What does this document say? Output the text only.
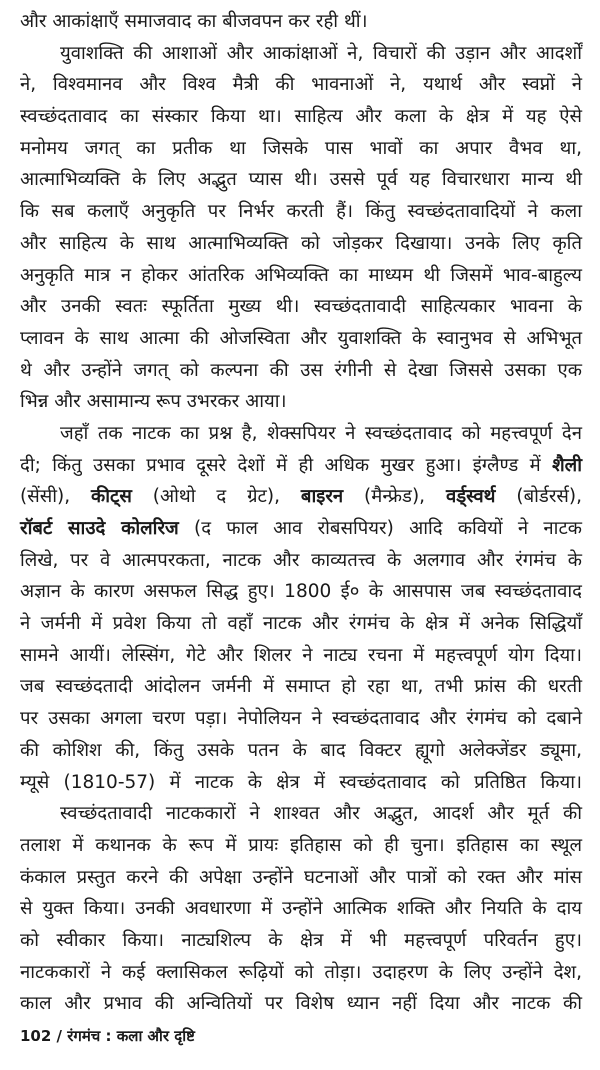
और आकांक्षाएँ समाजवाद का बीजवपन कर रही थीं।
युवाशक्ति की आशाओं और आकांक्षाओं ने, विचारों की उड़ान और आदर्शों
ने, विश्वमानव और विश्व मैत्री की भावनाओं ने, यथार्थ और स्वप्नों ने
स्वच्छंदतावाद का संस्कार किया था। साहित्य और कला के क्षेत्र में यह ऐसे
मनोमय जगत् का प्रतीक था जिसके पास भावों का अपार वैभव था,
आत्माभिव्यक्ति के लिए अद्भुत प्यास थी। उससे पूर्व यह विचारधारा मान्य थी
कि सब कलाएँ अनुकृति पर निर्भर करती हैं। किंतु स्वच्छंदतावादियों ने कला
और साहित्य के साथ आत्माभिव्यक्ति को जोड़कर दिखाया। उनके लिए कृति
अनुकृति मात्र न होकर आंतरिक अभिव्यक्ति का माध्यम थी जिसमें भाव-बाहुल्य
और उनकी स्वतः स्फूर्तिता मुख्य थी। स्वच्छंदतावादी साहित्यकार भावना के
प्लावन के साथ आत्मा की ओजस्विता और युवाशक्ति के स्वानुभव से अभिभूत
थे और उन्होंने जगत् को कल्पना की उस रंगीनी से देखा जिससे उसका एक
भिन्न और असामान्य रूप उभरकर आया।
जहाँ तक नाटक का प्रश्न है, शेक्सपियर ने स्वच्छंदतावाद को महत्त्वपूर्ण देन
दी; किंतु उसका प्रभाव दूसरे देशों में ही अधिक मुखर हुआ। इंग्लैण्ड में शैली
(सेंसी), कीट्स (ओथो द ग्रेट), बाइरन (मैन्फ्रेड), वर्ड्स्वर्थ (बोर्डरर्स),
रॉबर्ट साउदे कोलरिज (द फाल आव रोबसपियर) आदि कवियों ने नाटक
लिखे, पर वे आत्मपरकता, नाटक और काव्यतत्त्व के अलगाव और रंगमंच के
अज्ञान के कारण असफल सिद्ध हुए। 1800 ई० के आसपास जब स्वच्छंदतावाद
ने जर्मनी में प्रवेश किया तो वहाँ नाटक और रंगमंच के क्षेत्र में अनेक सिद्धियाँ
सामने आयीं। लेस्सिंग, गेटे और शिलर ने नाट्य रचना में महत्त्वपूर्ण योग दिया।
जब स्वच्छंदतादी आंदोलन जर्मनी में समाप्त हो रहा था, तभी फ्रांस की धरती
पर उसका अगला चरण पड़ा। नेपोलियन ने स्वच्छंदतावाद और रंगमंच को दबाने
की कोशिश की, किंतु उसके पतन के बाद विक्टर ह्यूगो अलेक्जेंडर ड्यूमा,
म्यूसे (1810-57) में नाटक के क्षेत्र में स्वच्छंदतावाद को प्रतिष्ठित किया।
स्वच्छंदतावादी नाटककारों ने शाश्वत और अद्भुत, आदर्श और मूर्त की
तलाश में कथानक के रूप में प्रायः इतिहास को ही चुना। इतिहास का स्थूल
कंकाल प्रस्तुत करने की अपेक्षा उन्होंने घटनाओं और पात्रों को रक्त और मांस
से युक्त किया। उनकी अवधारणा में उन्होंने आत्मिक शक्ति और नियति के दाय
को स्वीकार किया। नाट्यशिल्प के क्षेत्र में भी महत्त्वपूर्ण परिवर्तन हुए।
नाटककारों ने कई क्लासिकल रूढ़ियों को तोड़ा। उदाहरण के लिए उन्होंने देश,
काल और प्रभाव की अन्वितियों पर विशेष ध्यान नहीं दिया और नाटक की
102 / रंगमंच : कला और दृष्टि
